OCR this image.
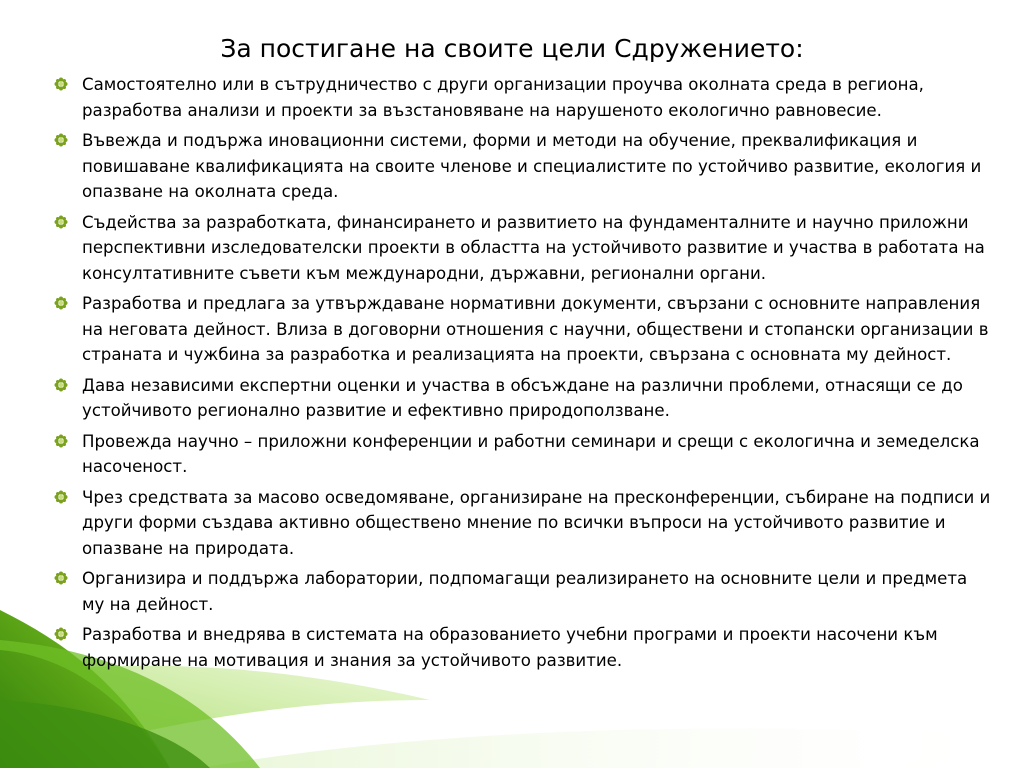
За постигане на своите цели Сдружението:
Самостоятелно или в сътрудничество с други организации проучва околната среда в региона, разработва анализи и проекти за възстановяване на нарушеното екологично равновесие.
Въвежда и подържа иновационни системи, форми и методи на обучение, преквалификация и повишаване квалификацията на своите членове и специалистите по устойчиво развитие, екология и опазване на околната среда.
Съдейства за разработката, финансирането и развитието на фундаменталните и научно приложни перспективни изследователски проекти в областта на устойчивото развитие и участва в работата на консултативните съвети към международни, държавни, регионални органи.
Разработва и предлага за утвърждаване нормативни документи, свързани с основните направления на неговата дейност. Влиза в договорни отношения с научни, обществени и стопански организации в страната и чужбина за разработка и реализацията на проекти, свързана с основната му дейност.
Дава независими експертни оценки и участва в обсъждане на различни проблеми, отнасящи се до устойчивото регионално развитие и ефективно природоползване.
Провежда научно – приложни конференции и работни семинари и срещи с екологична и земеделска насоченост.
Чрез средствата за масово осведомяване, организиране на пресконференции, събиране на подписи и други форми създава активно обществено мнение по всички въпроси на устойчивото развитие и опазване на природата.
Организира и поддържа лаборатории, подпомагащи реализирането на основните цели и предмета му на дейност.
Разработва и внедрява в системата на образованието учебни програми и проекти насочени към формиране на мотивация и знания за устойчивото развитие.
